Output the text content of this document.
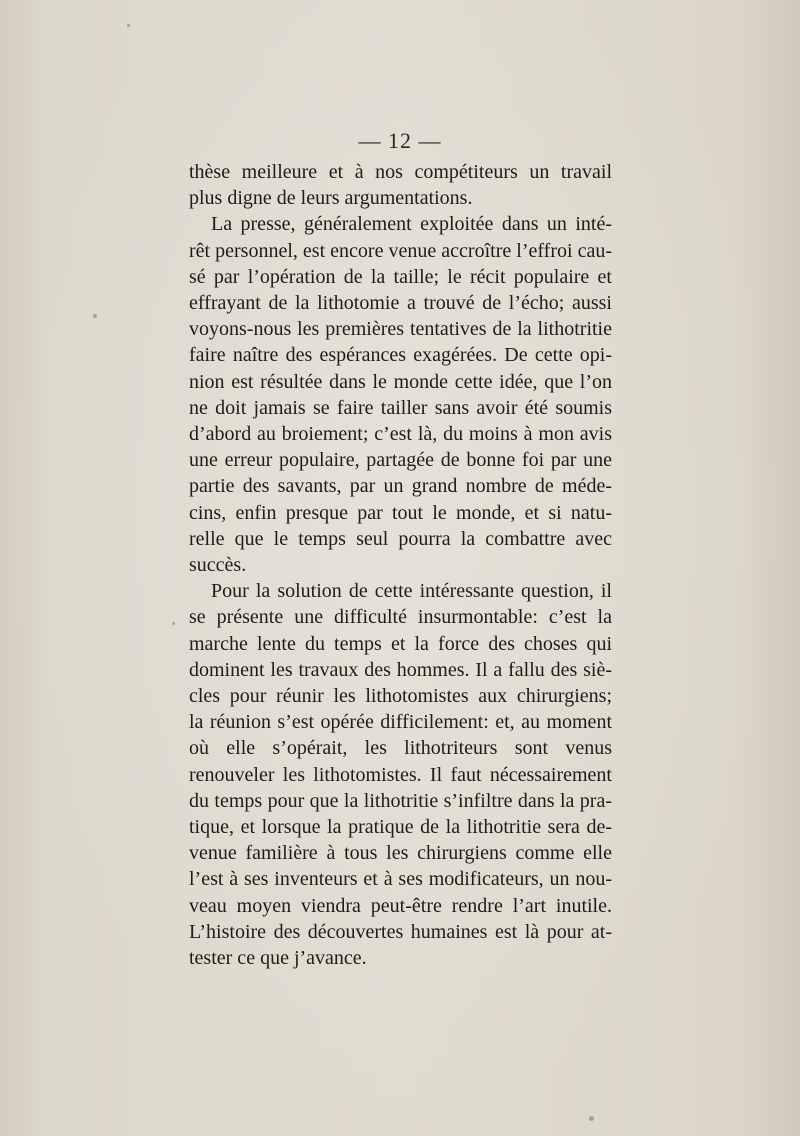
— 12 —
thèse meilleure et à nos compétiteurs un travail
plus digne de leurs argumentations.
La presse, généralement exploitée dans un inté-
rêt personnel, est encore venue accroître l’effroi cau-
sé par l’opération de la taille; le récit populaire et
effrayant de la lithotomie a trouvé de l’écho; aussi
voyons-nous les premières tentatives de la lithotritie
faire naître des espérances exagérées. De cette opi-
nion est résultée dans le monde cette idée, que l’on
ne doit jamais se faire tailler sans avoir été soumis
d’abord au broiement; c’est là, du moins à mon avis
une erreur populaire, partagée de bonne foi par une
partie des savants, par un grand nombre de méde-
cins, enfin presque par tout le monde, et si natu-
relle que le temps seul pourra la combattre avec
succès.
Pour la solution de cette intéressante question, il
se présente une difficulté insurmontable: c’est la
marche lente du temps et la force des choses qui
dominent les travaux des hommes. Il a fallu des siè-
cles pour réunir les lithotomistes aux chirurgiens;
la réunion s’est opérée difficilement: et, au moment
où elle s’opérait, les lithotriteurs sont venus
renouveler les lithotomistes. Il faut nécessairement
du temps pour que la lithotritie s’infiltre dans la pra-
tique, et lorsque la pratique de la lithotritie sera de-
venue familière à tous les chirurgiens comme elle
l’est à ses inventeurs et à ses modificateurs, un nou-
veau moyen viendra peut-être rendre l’art inutile.
L’histoire des découvertes humaines est là pour at-
tester ce que j’avance.
